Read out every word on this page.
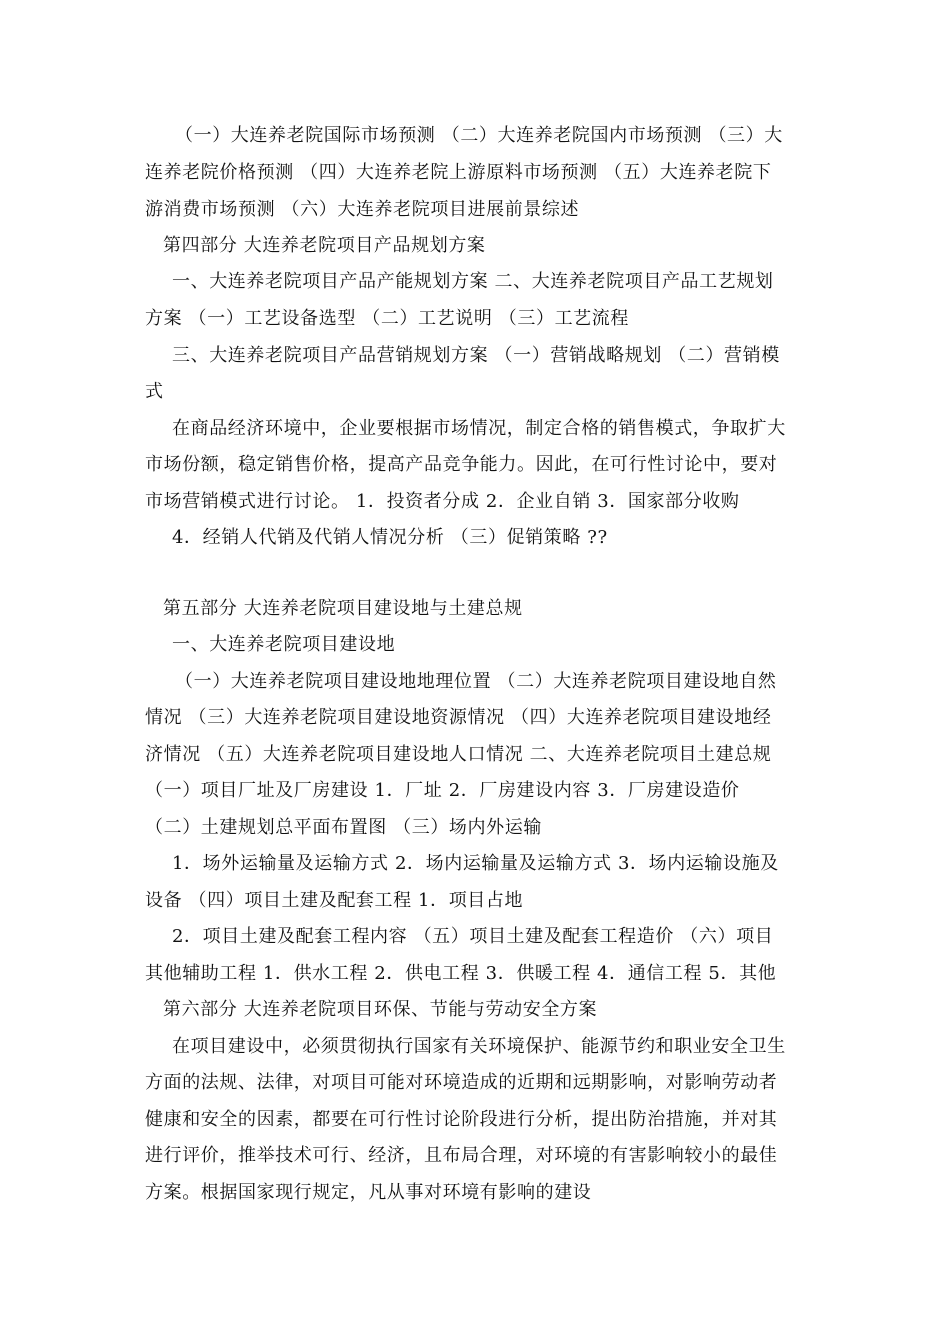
（一）大连养老院国际市场预测 （二）大连养老院国内市场预测 （三）大

连养老院价格预测 （四）大连养老院上游原料市场预测 （五）大连养老院下

游消费市场预测 （六）大连养老院项目进展前景综述

第四部分 大连养老院项目产品规划方案

一、大连养老院项目产品产能规划方案 二、大连养老院项目产品工艺规划

方案 （一）工艺设备选型 （二）工艺说明 （三）工艺流程

三、大连养老院项目产品营销规划方案 （一）营销战略规划 （二）营销模

式

在商品经济环境中，企业要根据市场情况，制定合格的销售模式，争取扩大

市场份额，稳定销售价格，提高产品竞争能力。因此，在可行性讨论中，要对

市场营销模式进行讨论。 1．投资者分成 2．企业自销 3．国家部分收购

4．经销人代销及代销人情况分析 （三）促销策略 ??

第五部分 大连养老院项目建设地与土建总规

一、大连养老院项目建设地

（一）大连养老院项目建设地地理位置 （二）大连养老院项目建设地自然

情况 （三）大连养老院项目建设地资源情况 （四）大连养老院项目建设地经

济情况 （五）大连养老院项目建设地人口情况 二、大连养老院项目土建总规

（一）项目厂址及厂房建设 1．厂址 2．厂房建设内容 3．厂房建设造价

（二）土建规划总平面布置图 （三）场内外运输

1．场外运输量及运输方式 2．场内运输量及运输方式 3．场内运输设施及

设备 （四）项目土建及配套工程 1．项目占地

2．项目土建及配套工程内容 （五）项目土建及配套工程造价 （六）项目

其他辅助工程 1．供水工程 2．供电工程 3．供暖工程 4．通信工程 5．其他

第六部分 大连养老院项目环保、节能与劳动安全方案

在项目建设中，必须贯彻执行国家有关环境保护、能源节约和职业安全卫生

方面的法规、法律，对项目可能对环境造成的近期和远期影响，对影响劳动者

健康和安全的因素，都要在可行性讨论阶段进行分析，提出防治措施，并对其

进行评价，推举技术可行、经济，且布局合理，对环境的有害影响较小的最佳

方案。根据国家现行规定，凡从事对环境有影响的建设
